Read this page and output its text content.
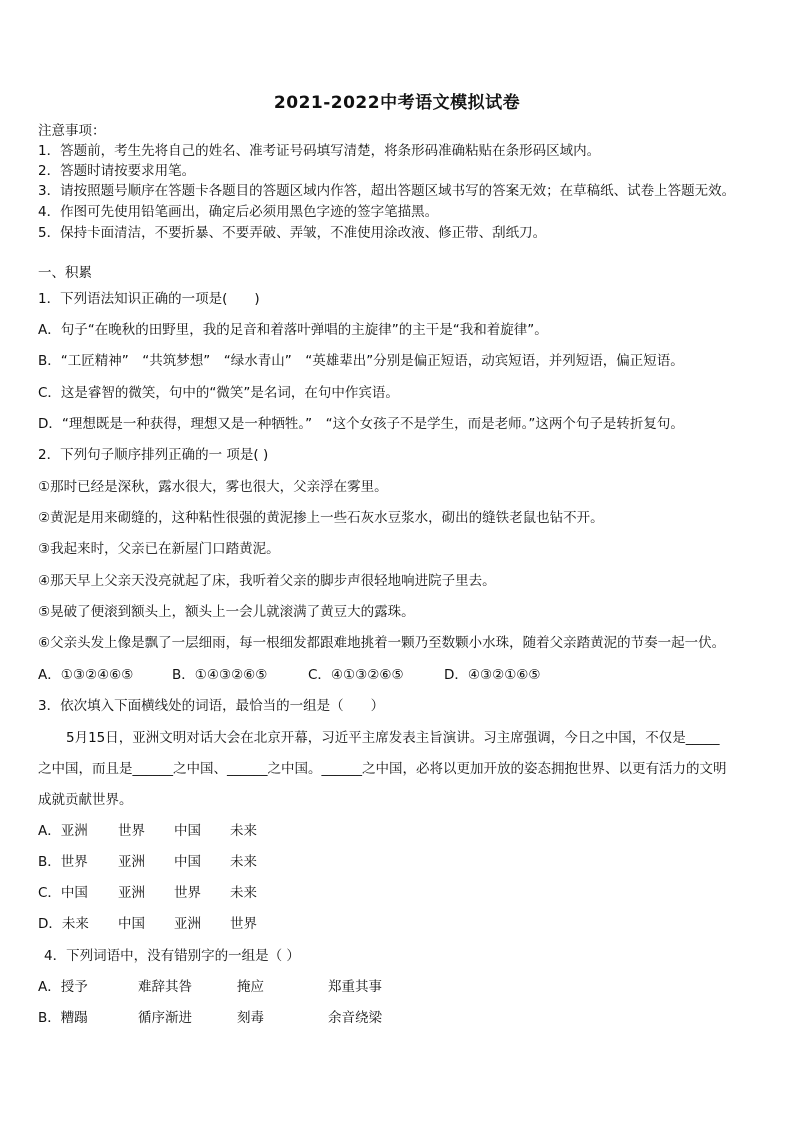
2021-2022中考语文模拟试卷
注意事项：
1．答题前，考生先将自己的姓名、准考证号码填写清楚，将条形码准确粘贴在条形码区域内。
2．答题时请按要求用笔。
3．请按照题号顺序在答题卡各题目的答题区域内作答，超出答题区域书写的答案无效；在草稿纸、试卷上答题无效。
4．作图可先使用铅笔画出，确定后必须用黑色字迹的签字笔描黑。
5．保持卡面清洁，不要折暴、不要弄破、弄皱，不准使用涂改液、修正带、刮纸刀。
一、积累
1．下列语法知识正确的一项是(　　)
A．句子“在晚秋的田野里，我的足音和着落叶弹唱的主旋律”的主干是“我和着旋律”。
B．“工匠精神”　“共筑梦想”　“绿水青山”　“英雄辈出”分别是偏正短语，动宾短语，并列短语，偏正短语。
C．这是睿智的微笑，句中的“微笑”是名词，在句中作宾语。
D．“理想既是一种获得，理想又是一种牺牲。”　“这个女孩子不是学生，而是老师。”这两个句子是转折复句。
2．下列句子顺序排列正确的一 项是( )
①那时已经是深秋，露水很大，雾也很大，父亲浮在雾里。
②黄泥是用来砌缝的，这种粘性很强的黄泥掺上一些石灰水豆浆水，砌出的缝铁老鼠也钻不开。
③我起来时，父亲已在新屋门口踏黄泥。
④那天早上父亲天没亮就起了床，我听着父亲的脚步声很轻地响进院子里去。
⑤晃破了便滚到额头上，额头上一会儿就滚满了黄豆大的露珠。
⑥父亲头发上像是飘了一层细雨，每一根细发都跟难地挑着一颗乃至数颗小水珠，随着父亲踏黄泥的节奏一起一伏。
A．①③②④⑥⑤	B．①④③②⑥⑤	C．④①③②⑥⑤	D．④③②①⑥⑤
3．依次填入下面横线处的词语，最恰当的一组是（　　）
5月15日，亚洲文明对话大会在北京开幕，习近平主席发表主旨演讲。习主席强调，今日之中国，不仅是_____
之中国，而且是______之中国、______之中国。______之中国，必将以更加开放的姿态拥抱世界、以更有活力的文明
成就贡献世界。
A．亚洲 世界 中国 未来
B．世界 亚洲 中国 未来
C．中国 亚洲 世界 未来
D．未来 中国 亚洲 世界
4．下列词语中，没有错别字的一组是（ ）
A．授予	难辞其咎	掩应	郑重其事
B．糟蹋	循序渐进	刻毒	余音绕梁
